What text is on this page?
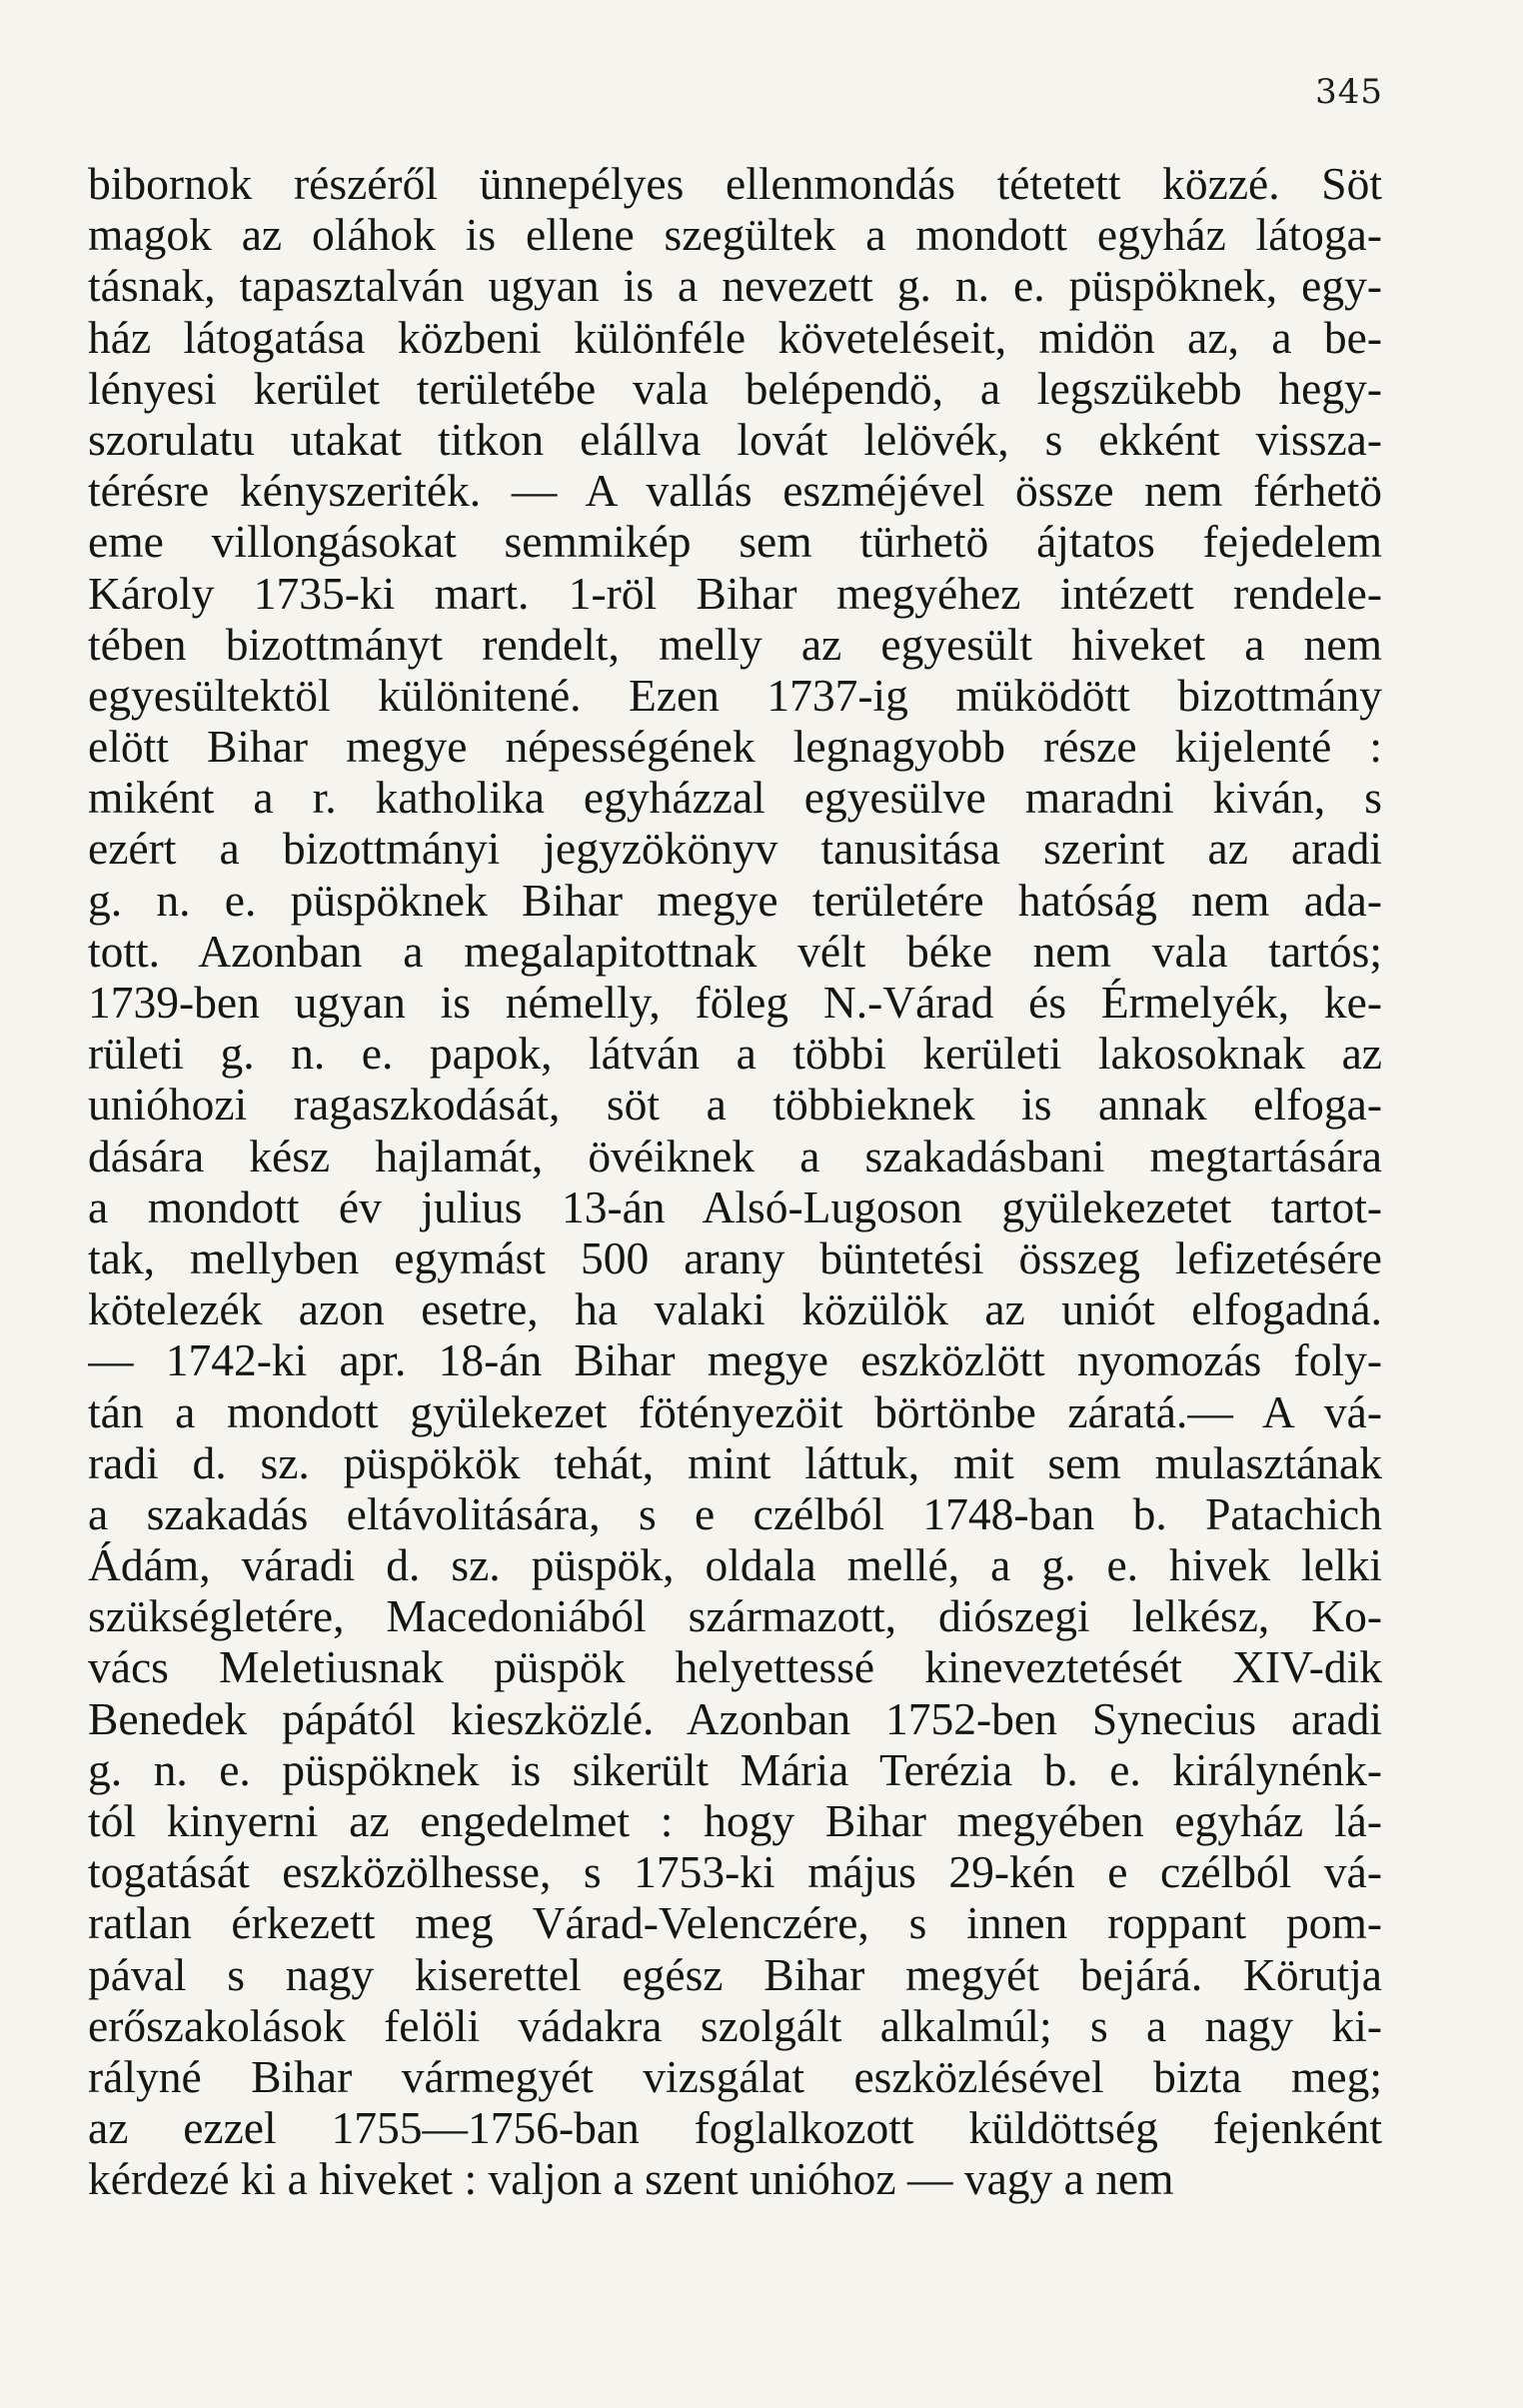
345
bibornok részéről ünnepélyes ellenmondás tétetett közzé. Söt
magok az oláhok is ellene szegültek a mondott egyház látoga-
tásnak, tapasztalván ugyan is a nevezett g. n. e. püspöknek, egy-
ház látogatása közbeni különféle követeléseit, midön az, a be-
lényesi kerület területébe vala belépendö, a legszükebb hegy-
szorulatu utakat titkon elállva lovát lelövék, s ekként vissza-
térésre kényszeriték. — A vallás eszméjével össze nem férhetö
eme villongásokat semmikép sem türhetö ájtatos fejedelem
Károly 1735-ki mart. 1-röl Bihar megyéhez intézett rendele-
tében bizottmányt rendelt, melly az egyesült hiveket a nem
egyesültektöl különitené. Ezen 1737-ig müködött bizottmány
elött Bihar megye népességének legnagyobb része kijelenté :
miként a r. katholika egyházzal egyesülve maradni kiván, s
ezért a bizottmányi jegyzökönyv tanusitása szerint az aradi
g. n. e. püspöknek Bihar megye területére hatóság nem ada-
tott. Azonban a megalapitottnak vélt béke nem vala tartós;
1739-ben ugyan is némelly, föleg N.-Várad és Érmelyék, ke-
rületi g. n. e. papok, látván a többi kerületi lakosoknak az
unióhozi ragaszkodását, söt a többieknek is annak elfoga-
dására kész hajlamát, övéiknek a szakadásbani megtartására
a mondott év julius 13-án Alsó-Lugoson gyülekezetet tartot-
tak, mellyben egymást 500 arany büntetési összeg lefizetésére
kötelezék azon esetre, ha valaki közülök az uniót elfogadná.
— 1742-ki apr. 18-án Bihar megye eszközlött nyomozás foly-
tán a mondott gyülekezet fötényezöit börtönbe záratá.— A vá-
radi d. sz. püspökök tehát, mint láttuk, mit sem mulasztának
a szakadás eltávolitására, s e czélból 1748-ban b. Patachich
Ádám, váradi d. sz. püspök, oldala mellé, a g. e. hivek lelki
szükségletére, Macedoniából származott, diószegi lelkész, Ko-
vács Meletiusnak püspök helyettessé kineveztetését XIV-dik
Benedek pápától kieszközlé. Azonban 1752-ben Synecius aradi
g. n. e. püspöknek is sikerült Mária Terézia b. e. királynénk-
tól kinyerni az engedelmet : hogy Bihar megyében egyház lá-
togatását eszközölhesse, s 1753-ki május 29-kén e czélból vá-
ratlan érkezett meg Várad-Velenczére, s innen roppant pom-
pával s nagy kiserettel egész Bihar megyét bejárá. Körutja
erőszakolások felöli vádakra szolgált alkalmúl; s a nagy ki-
rályné Bihar vármegyét vizsgálat eszközlésével bizta meg;
az ezzel 1755—1756-ban foglalkozott küldöttség fejenként
kérdezé ki a hiveket : valjon a szent unióhoz — vagy a nem
